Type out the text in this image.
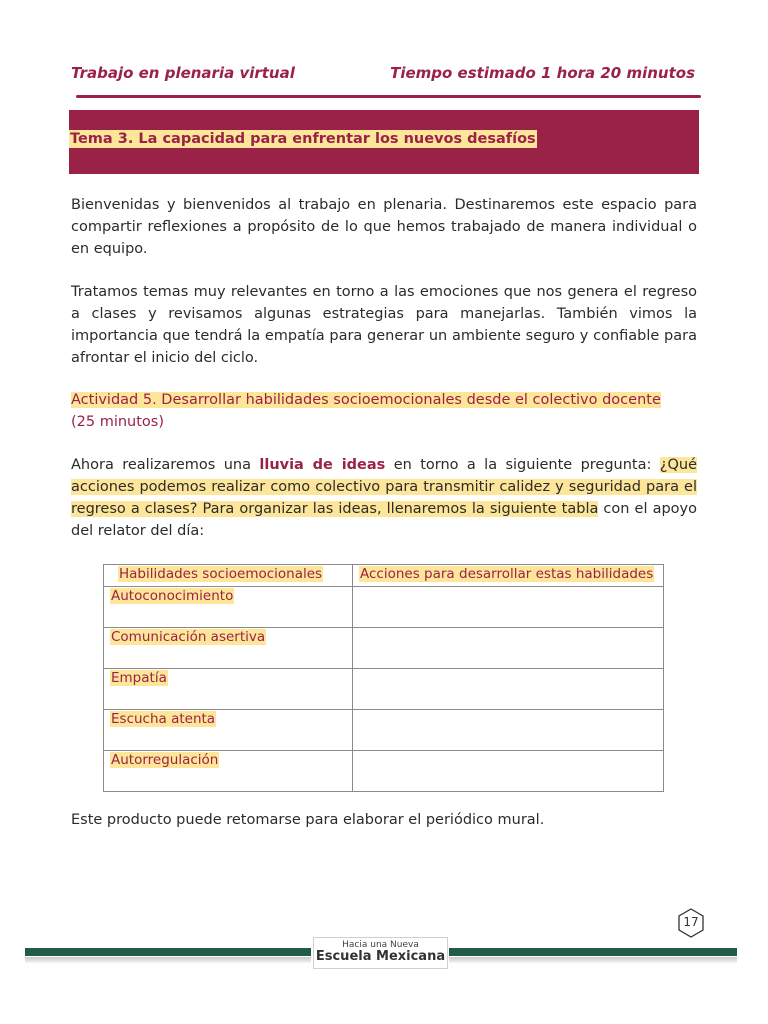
Trabajo en plenaria virtual	Tiempo estimado 1 hora 20 minutos
Tema 3. La capacidad para enfrentar los nuevos desafíos
Bienvenidas y bienvenidos al trabajo en plenaria. Destinaremos este espacio para compartir reflexiones a propósito de lo que hemos trabajado de manera individual o en equipo.
Tratamos temas muy relevantes en torno a las emociones que nos genera el regreso a clases y revisamos algunas estrategias para manejarlas. También vimos la importancia que tendrá la empatía para generar un ambiente seguro y confiable para afrontar el inicio del ciclo.
Actividad 5. Desarrollar habilidades socioemocionales desde el colectivo docente
(25 minutos)
Ahora realizaremos una lluvia de ideas en torno a la siguiente pregunta: ¿Qué acciones podemos realizar como colectivo para transmitir calidez y seguridad para el regreso a clases? Para organizar las ideas, llenaremos la siguiente tabla con el apoyo del relator del día:
Habilidades socioemocionales	Acciones para desarrollar estas habilidades
Autoconocimiento	
Comunicación asertiva	
Empatía	
Escucha atenta	
Autorregulación	
Este producto puede retomarse para elaborar el periódico mural.
17
Hacia una Nueva
Escuela Mexicana
